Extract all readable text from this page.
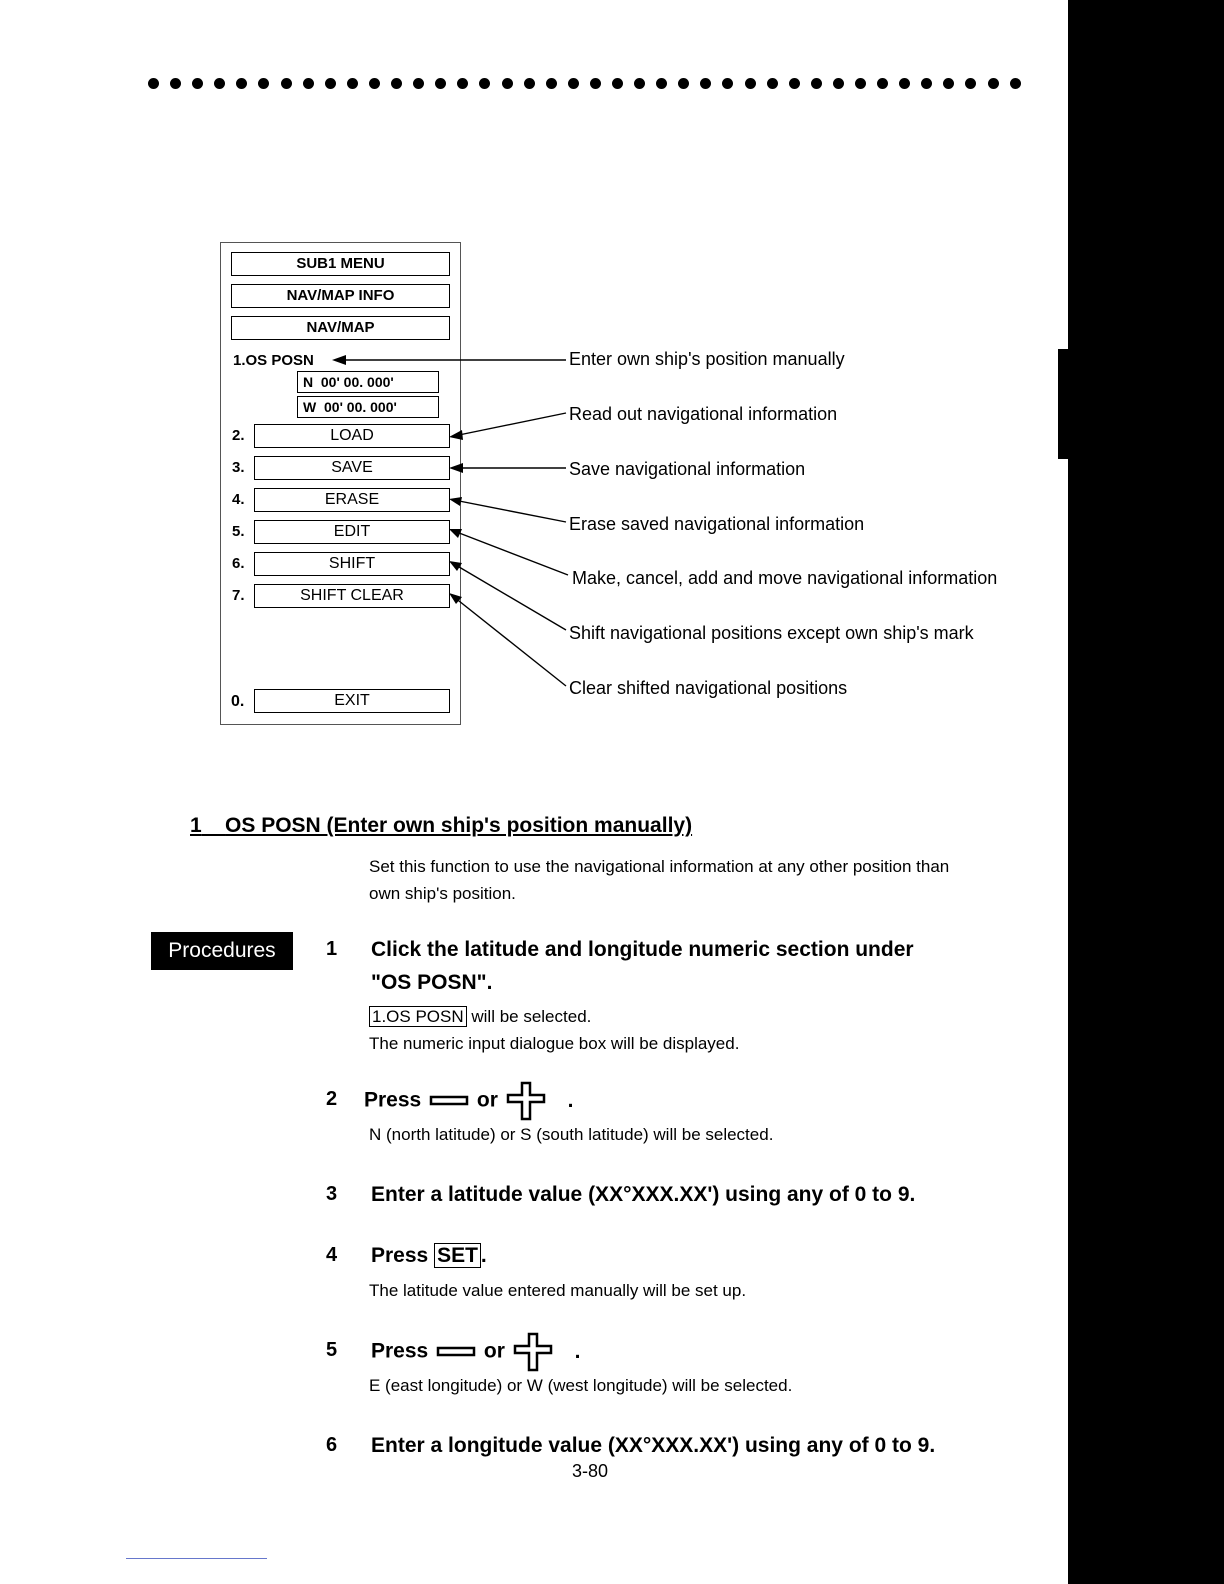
SUB1 MENU
NAV/MAP INFO
NAV/MAP
1.OS POSN
N  00' 00. 000'
W  00' 00. 000'
2.	LOAD
3.	SAVE
4.	ERASE
5.	EDIT
6.	SHIFT
7.	SHIFT CLEAR
0.	EXIT
Enter own ship's position manually
Read out navigational information
Save navigational information
Erase saved navigational information
Make, cancel, add and move navigational information
Shift navigational positions except own ship's mark
Clear shifted navigational positions
1 OS POSN (Enter own ship's position manually)
Set this function to use the navigational information at any other position than
own ship's position.
Procedures	1 Click the latitude and longitude numeric section under
"OS POSN".
1.OS POSN will be selected.
The numeric input dialogue box will be displayed.
2 Press	or	.
N (north latitude) or S (south latitude) will be selected.
3 Enter a latitude value (XX°XXX.XX') using any of 0 to 9.
4 Press SET .
The latitude value entered manually will be set up.
5 Press	or	.
E (east longitude) or W (west longitude) will be selected.
6 Enter a longitude value (XX°XXX.XX') using any of 0 to 9.
3-80
